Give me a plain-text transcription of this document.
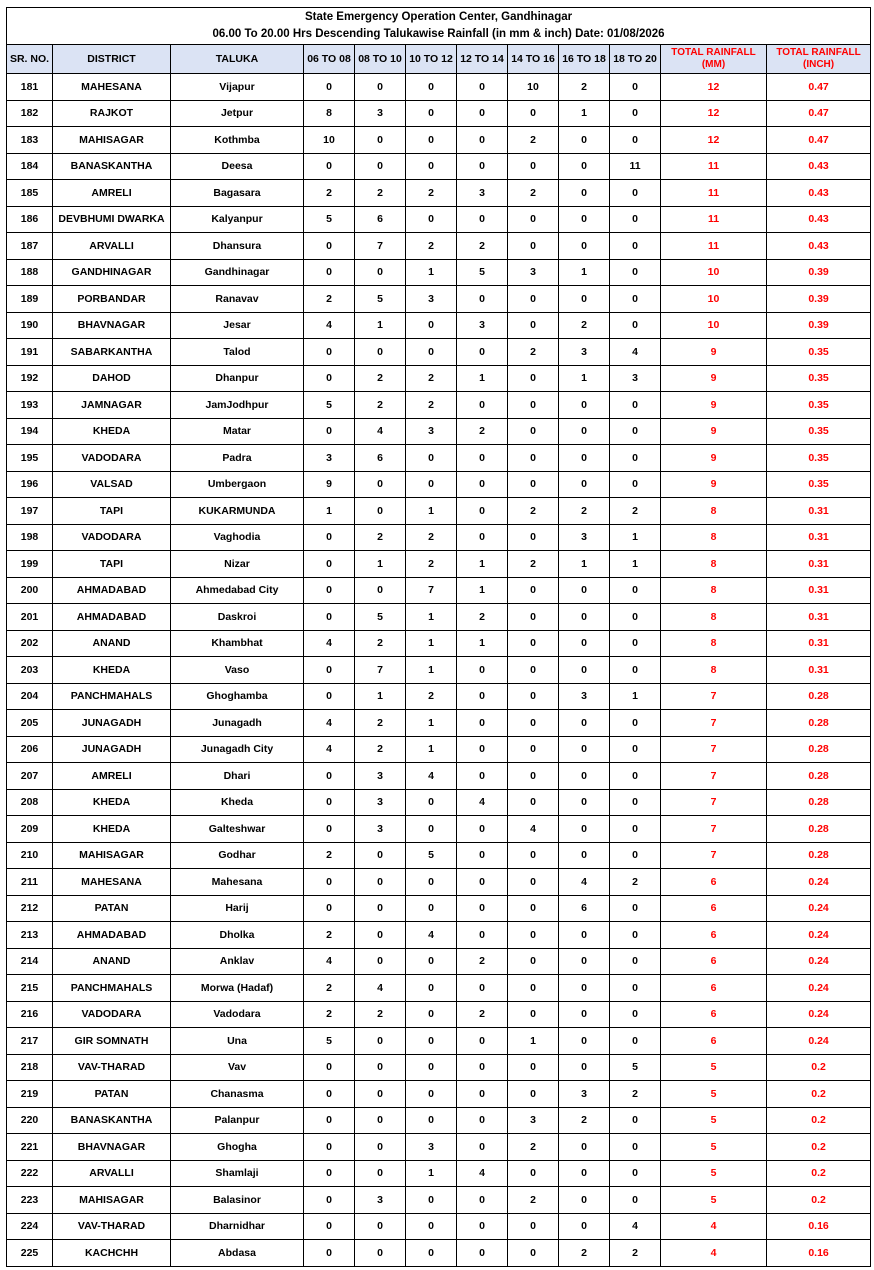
State Emergency Operation Center, Gandhinagar
06.00 To 20.00 Hrs Descending Talukawise Rainfall (in mm & inch) Date: 01/08/2026											

SR. NO.	DISTRICT	TALUKA	06 TO 08	08 TO 10	10 TO 12	12 TO 14	14 TO 16	16 TO 18	18 TO 20	TOTAL RAINFALL (MM)	TOTAL RAINFALL (INCH)
181	MAHESANA	Vijapur	0	0	0	0	10	2	0	12	0.47
182	RAJKOT	Jetpur	8	3	0	0	0	1	0	12	0.47
183	MAHISAGAR	Kothmba	10	0	0	0	2	0	0	12	0.47
184	BANASKANTHA	Deesa	0	0	0	0	0	0	11	11	0.43
185	AMRELI	Bagasara	2	2	2	3	2	0	0	11	0.43
186	DEVBHUMI DWARKA	Kalyanpur	5	6	0	0	0	0	0	11	0.43
187	ARVALLI	Dhansura	0	7	2	2	0	0	0	11	0.43
188	GANDHINAGAR	Gandhinagar	0	0	1	5	3	1	0	10	0.39
189	PORBANDAR	Ranavav	2	5	3	0	0	0	0	10	0.39
190	BHAVNAGAR	Jesar	4	1	0	3	0	2	0	10	0.39
191	SABARKANTHA	Talod	0	0	0	0	2	3	4	9	0.35
192	DAHOD	Dhanpur	0	2	2	1	0	1	3	9	0.35
193	JAMNAGAR	JamJodhpur	5	2	2	0	0	0	0	9	0.35
194	KHEDA	Matar	0	4	3	2	0	0	0	9	0.35
195	VADODARA	Padra	3	6	0	0	0	0	0	9	0.35
196	VALSAD	Umbergaon	9	0	0	0	0	0	0	9	0.35
197	TAPI	KUKARMUNDA	1	0	1	0	2	2	2	8	0.31
198	VADODARA	Vaghodia	0	2	2	0	0	3	1	8	0.31
199	TAPI	Nizar	0	1	2	1	2	1	1	8	0.31
200	AHMADABAD	Ahmedabad City	0	0	7	1	0	0	0	8	0.31
201	AHMADABAD	Daskroi	0	5	1	2	0	0	0	8	0.31
202	ANAND	Khambhat	4	2	1	1	0	0	0	8	0.31
203	KHEDA	Vaso	0	7	1	0	0	0	0	8	0.31
204	PANCHMAHALS	Ghoghamba	0	1	2	0	0	3	1	7	0.28
205	JUNAGADH	Junagadh	4	2	1	0	0	0	0	7	0.28
206	JUNAGADH	Junagadh City	4	2	1	0	0	0	0	7	0.28
207	AMRELI	Dhari	0	3	4	0	0	0	0	7	0.28
208	KHEDA	Kheda	0	3	0	4	0	0	0	7	0.28
209	KHEDA	Galteshwar	0	3	0	0	4	0	0	7	0.28
210	MAHISAGAR	Godhar	2	0	5	0	0	0	0	7	0.28
211	MAHESANA	Mahesana	0	0	0	0	0	4	2	6	0.24
212	PATAN	Harij	0	0	0	0	0	6	0	6	0.24
213	AHMADABAD	Dholka	2	0	4	0	0	0	0	6	0.24
214	ANAND	Anklav	4	0	0	2	0	0	0	6	0.24
215	PANCHMAHALS	Morwa (Hadaf)	2	4	0	0	0	0	0	6	0.24
216	VADODARA	Vadodara	2	2	0	2	0	0	0	6	0.24
217	GIR SOMNATH	Una	5	0	0	0	1	0	0	6	0.24
218	VAV-THARAD	Vav	0	0	0	0	0	0	5	5	0.2
219	PATAN	Chanasma	0	0	0	0	0	3	2	5	0.2
220	BANASKANTHA	Palanpur	0	0	0	0	3	2	0	5	0.2
221	BHAVNAGAR	Ghogha	0	0	3	0	2	0	0	5	0.2
222	ARVALLI	Shamlaji	0	0	1	4	0	0	0	5	0.2
223	MAHISAGAR	Balasinor	0	3	0	0	2	0	0	5	0.2
224	VAV-THARAD	Dharnidhar	0	0	0	0	0	0	4	4	0.16
225	KACHCHH	Abdasa	0	0	0	0	0	2	2	4	0.16
